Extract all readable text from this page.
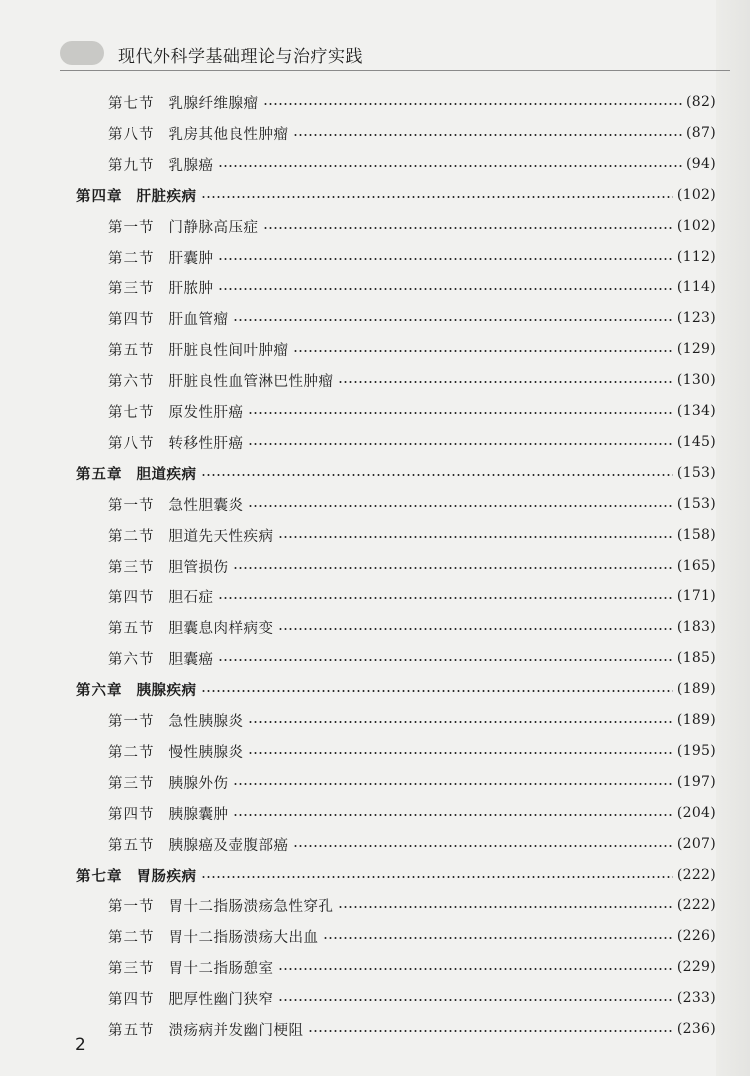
现代外科学基础理论与治疗实践
第七节 乳腺纤维腺瘤	(82)
第八节 乳房其他良性肿瘤	(87)
第九节 乳腺癌	(94)
第四章 肝脏疾病	(102)
第一节 门静脉高压症	(102)
第二节 肝囊肿	(112)
第三节 肝脓肿	(114)
第四节 肝血管瘤	(123)
第五节 肝脏良性间叶肿瘤	(129)
第六节 肝脏良性血管淋巴性肿瘤	(130)
第七节 原发性肝癌	(134)
第八节 转移性肝癌	(145)
第五章 胆道疾病	(153)
第一节 急性胆囊炎	(153)
第二节 胆道先天性疾病	(158)
第三节 胆管损伤	(165)
第四节 胆石症	(171)
第五节 胆囊息肉样病变	(183)
第六节 胆囊癌	(185)
第六章 胰腺疾病	(189)
第一节 急性胰腺炎	(189)
第二节 慢性胰腺炎	(195)
第三节 胰腺外伤	(197)
第四节 胰腺囊肿	(204)
第五节 胰腺癌及壶腹部癌	(207)
第七章 胃肠疾病	(222)
第一节 胃十二指肠溃疡急性穿孔	(222)
第二节 胃十二指肠溃疡大出血	(226)
第三节 胃十二指肠憩室	(229)
第四节 肥厚性幽门狭窄	(233)
第五节 溃疡病并发幽门梗阻	(236)
2
